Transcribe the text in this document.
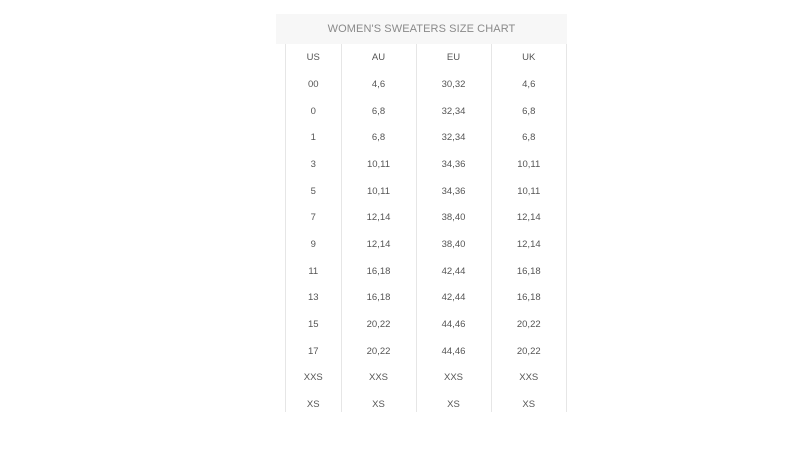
WOMEN'S SWEATERS SIZE CHART
US	AU	EU	UK
00	4,6	30,32	4,6
0	6,8	32,34	6,8
1	6,8	32,34	6,8
3	10,11	34,36	10,11
5	10,11	34,36	10,11
7	12,14	38,40	12,14
9	12,14	38,40	12,14
11	16,18	42,44	16,18
13	16,18	42,44	16,18
15	20,22	44,46	20,22
17	20,22	44,46	20,22
XXS	XXS	XXS	XXS
XS	XS	XS	XS
